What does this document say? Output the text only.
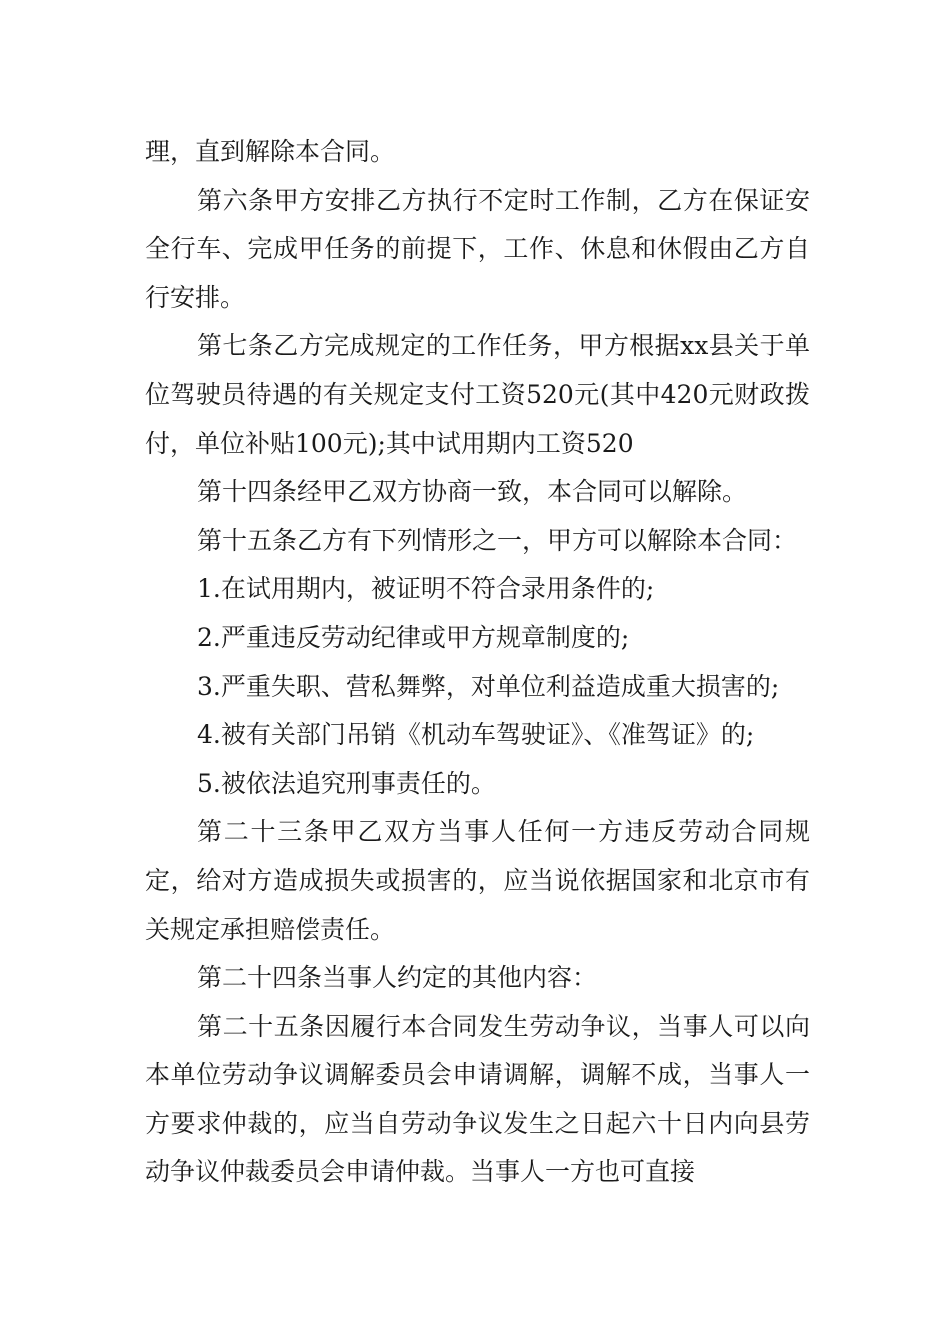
理，直到解除本合同。

第六条甲方安排乙方执行不定时工作制，乙方在保证安全行车、完成甲任务的前提下，工作、休息和休假由乙方自行安排。

第七条乙方完成规定的工作任务，甲方根据xx县关于单位驾驶员待遇的有关规定支付工资520元(其中420元财政拨付，单位补贴100元);其中试用期内工资520

第十四条经甲乙双方协商一致，本合同可以解除。

第十五条乙方有下列情形之一，甲方可以解除本合同：

1.在试用期内，被证明不符合录用条件的;

2.严重违反劳动纪律或甲方规章制度的;

3.严重失职、营私舞弊，对单位利益造成重大损害的;

4.被有关部门吊销《机动车驾驶证》、《准驾证》的;

5.被依法追究刑事责任的。

第二十三条甲乙双方当事人任何一方违反劳动合同规定，给对方造成损失或损害的，应当说依据国家和北京市有关规定承担赔偿责任。

第二十四条当事人约定的其他内容：

第二十五条因履行本合同发生劳动争议，当事人可以向本单位劳动争议调解委员会申请调解，调解不成，当事人一方要求仲裁的，应当自劳动争议发生之日起六十日内向县劳动争议仲裁委员会申请仲裁。当事人一方也可直接
